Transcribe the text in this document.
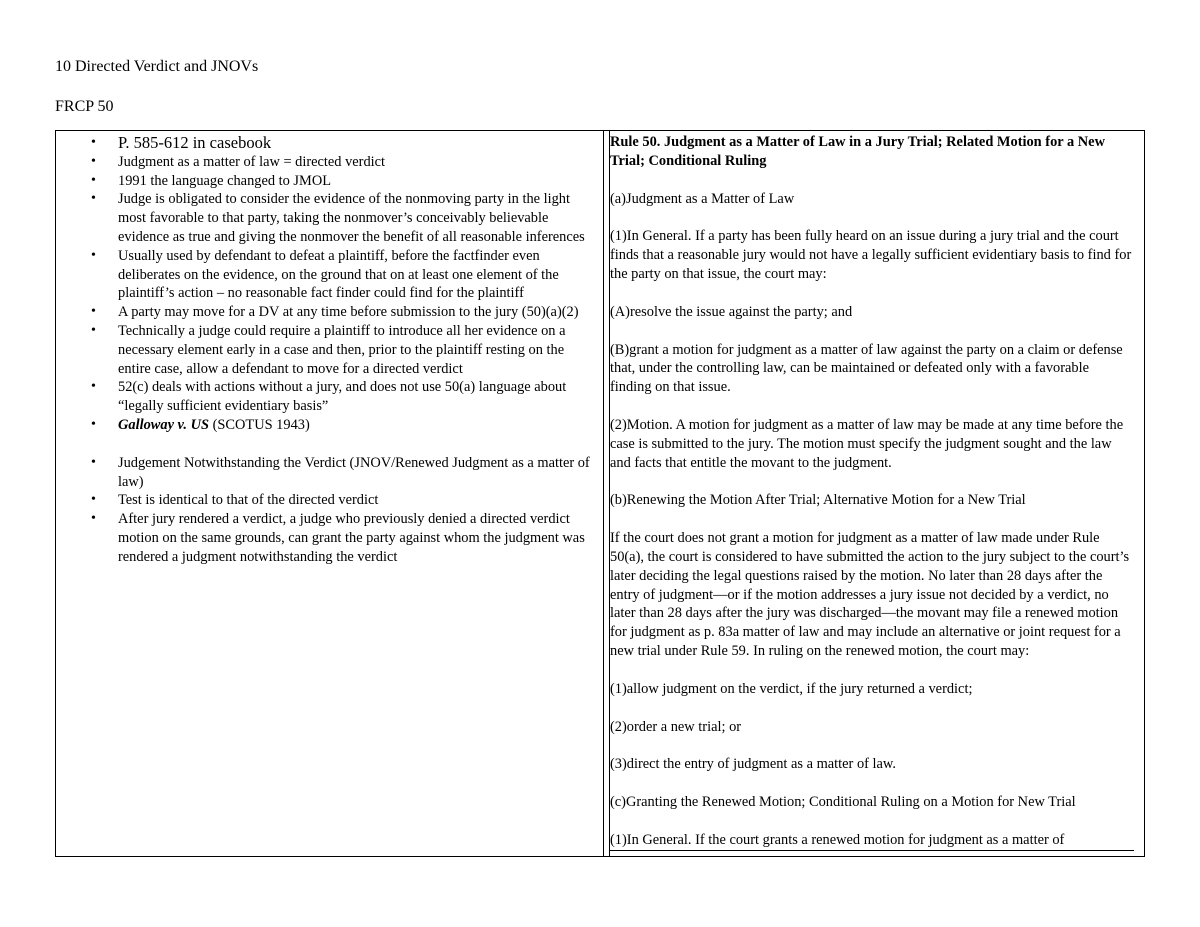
10 Directed Verdict and JNOVs
FRCP 50
• P. 585-612 in casebook
• Judgment as a matter of law = directed verdict
• 1991 the language changed to JMOL
• Judge is obligated to consider the evidence of the nonmoving party in the light most favorable to that party, taking the nonmover’s conceivably believable evidence as true and giving the nonmover the benefit of all reasonable inferences
• Usually used by defendant to defeat a plaintiff, before the factfinder even deliberates on the evidence, on the ground that on at least one element of the plaintiff’s action – no reasonable fact finder could find for the plaintiff
• A party may move for a DV at any time before submission to the jury (50)(a)(2)
• Technically a judge could require a plaintiff to introduce all her evidence on a necessary element early in a case and then, prior to the plaintiff resting on the entire case, allow a defendant to move for a directed verdict
• 52(c) deals with actions without a jury, and does not use 50(a) language about “legally sufficient evidentiary basis”
• Galloway v. US (SCOTUS 1943)
• Judgement Notwithstanding the Verdict (JNOV/Renewed Judgment as a matter of law)
• Test is identical to that of the directed verdict
• After jury rendered a verdict, a judge who previously denied a directed verdict motion on the same grounds, can grant the party against whom the judgment was rendered a judgment notwithstanding the verdict

Rule 50. Judgment as a Matter of Law in a Jury Trial; Related Motion for a New Trial; Conditional Ruling

(a)Judgment as a Matter of Law

(1)In General. If a party has been fully heard on an issue during a jury trial and the court finds that a reasonable jury would not have a legally sufficient evidentiary basis to find for the party on that issue, the court may:

(A)resolve the issue against the party; and

(B)grant a motion for judgment as a matter of law against the party on a claim or defense that, under the controlling law, can be maintained or defeated only with a favorable finding on that issue.

(2)Motion. A motion for judgment as a matter of law may be made at any time before the case is submitted to the jury. The motion must specify the judgment sought and the law and facts that entitle the movant to the judgment.

(b)Renewing the Motion After Trial; Alternative Motion for a New Trial

If the court does not grant a motion for judgment as a matter of law made under Rule 50(a), the court is considered to have submitted the action to the jury subject to the court’s later deciding the legal questions raised by the motion. No later than 28 days after the entry of judgment—or if the motion addresses a jury issue not decided by a verdict, no later than 28 days after the jury was discharged—the movant may file a renewed motion for judgment as p. 83a matter of law and may include an alternative or joint request for a new trial under Rule 59. In ruling on the renewed motion, the court may:

(1)allow judgment on the verdict, if the jury returned a verdict;

(2)order a new trial; or

(3)direct the entry of judgment as a matter of law.

(c)Granting the Renewed Motion; Conditional Ruling on a Motion for New Trial

(1)In General. If the court grants a renewed motion for judgment as a matter of
